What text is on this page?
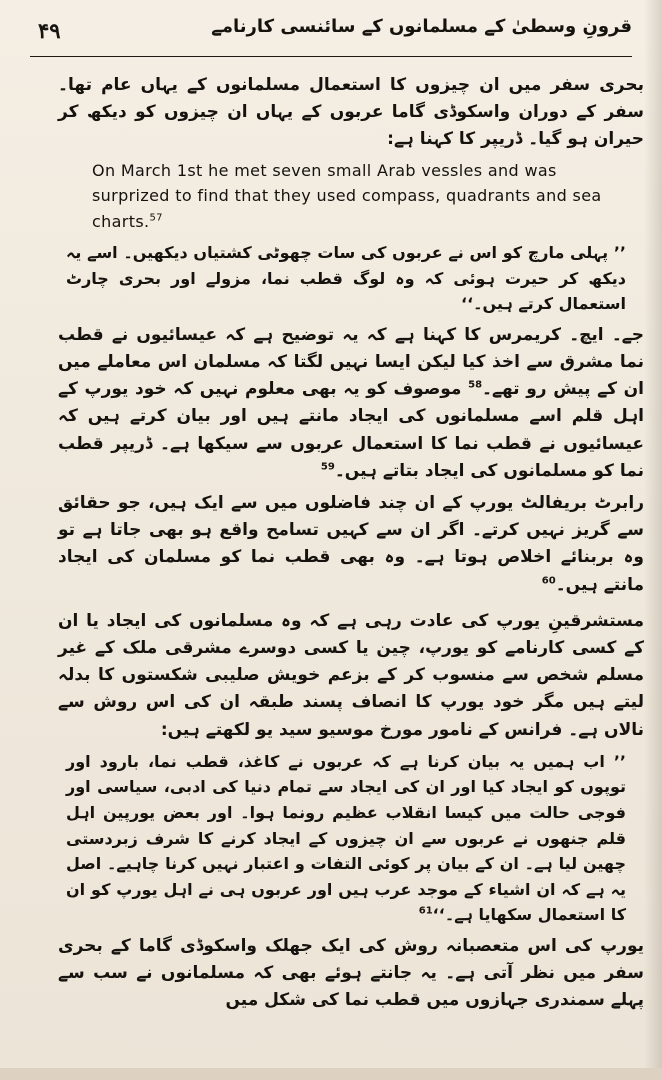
۴۹	قرونِ وسطیٰ کے مسلمانوں کے سائنسی کارنامے

بحری سفر میں ان چیزوں کا استعمال مسلمانوں کے یہاں عام تھا۔ سفر کے دوران واسکوڈی گاما عربوں کے یہاں ان چیزوں کو دیکھ کر حیران ہو گیا۔ ڈریپر کا کہنا ہے:

On March 1st he met seven small Arab vessles and was surprized to find that they used compass, quadrants and sea charts.$^{57}$

’’ پہلی مارچ کو اس نے عربوں کی سات چھوٹی کشتیاں دیکھیں۔ اسے یہ دیکھ کر حیرت ہوئی کہ وہ لوگ قطب نما، مزولے اور بحری چارٹ استعمال کرتے ہیں۔‘‘

جے۔ ایچ۔ کریمرس کا کہنا ہے کہ یہ توضیح ہے کہ عیسائیوں نے قطب نما مشرق سے اخذ کیا لیکن ایسا نہیں لگتا کہ مسلمان اس معاملے میں ان کے پیش رو تھے۔$^{58}$ موصوف کو یہ بھی معلوم نہیں کہ خود یورپ کے اہل قلم اسے مسلمانوں کی ایجاد مانتے ہیں اور بیان کرتے ہیں کہ عیسائیوں نے قطب نما کا استعمال عربوں سے سیکھا ہے۔ ڈریپر قطب نما کو مسلمانوں کی ایجاد بتاتے ہیں۔$^{59}$

رابرٹ بریفالٹ یورپ کے ان چند فاضلوں میں سے ایک ہیں، جو حقائق سے گریز نہیں کرتے۔ اگر ان سے کہیں تسامح واقع ہو بھی جاتا ہے تو وہ بربنائے اخلاص ہوتا ہے۔ وہ بھی قطب نما کو مسلمان کی ایجاد مانتے ہیں۔$^{60}$

مستشرقینِ یورپ کی عادت رہی ہے کہ وہ مسلمانوں کی ایجاد یا ان کے کسی کارنامے کو یورپ، چین یا کسی دوسرے مشرقی ملک کے غیر مسلم شخص سے منسوب کر کے بزعم خویش صلیبی شکستوں کا بدلہ لیتے ہیں مگر خود یورپ کا انصاف پسند طبقہ ان کی اس روش سے نالاں ہے۔ فرانس کے نامور مورخ موسیو سید یو لکھتے ہیں:

’’ اب ہمیں یہ بیان کرنا ہے کہ عربوں نے کاغذ، قطب نما، بارود اور توپوں کو ایجاد کیا اور ان کی ایجاد سے تمام دنیا کی ادبی، سیاسی اور فوجی حالت میں کیسا انقلاب عظیم رونما ہوا۔ اور بعض یورپین اہل قلم جنھوں نے عربوں سے ان چیزوں کے ایجاد کرنے کا شرف زبردستی چھین لیا ہے۔ ان کے بیان پر کوئی التفات و اعتبار نہیں کرنا چاہیے۔ اصل یہ ہے کہ ان اشیاء کے موجد عرب ہیں اور عربوں ہی نے اہل یورپ کو ان کا استعمال سکھایا ہے۔‘‘$^{61}$

یورپ کی اس متعصبانہ روش کی ایک جھلک واسکوڈی گاما کے بحری سفر میں نظر آتی ہے۔ یہ جانتے ہوئے بھی کہ مسلمانوں نے سب سے پہلے سمندری جہازوں میں قطب نما کی شکل میں
